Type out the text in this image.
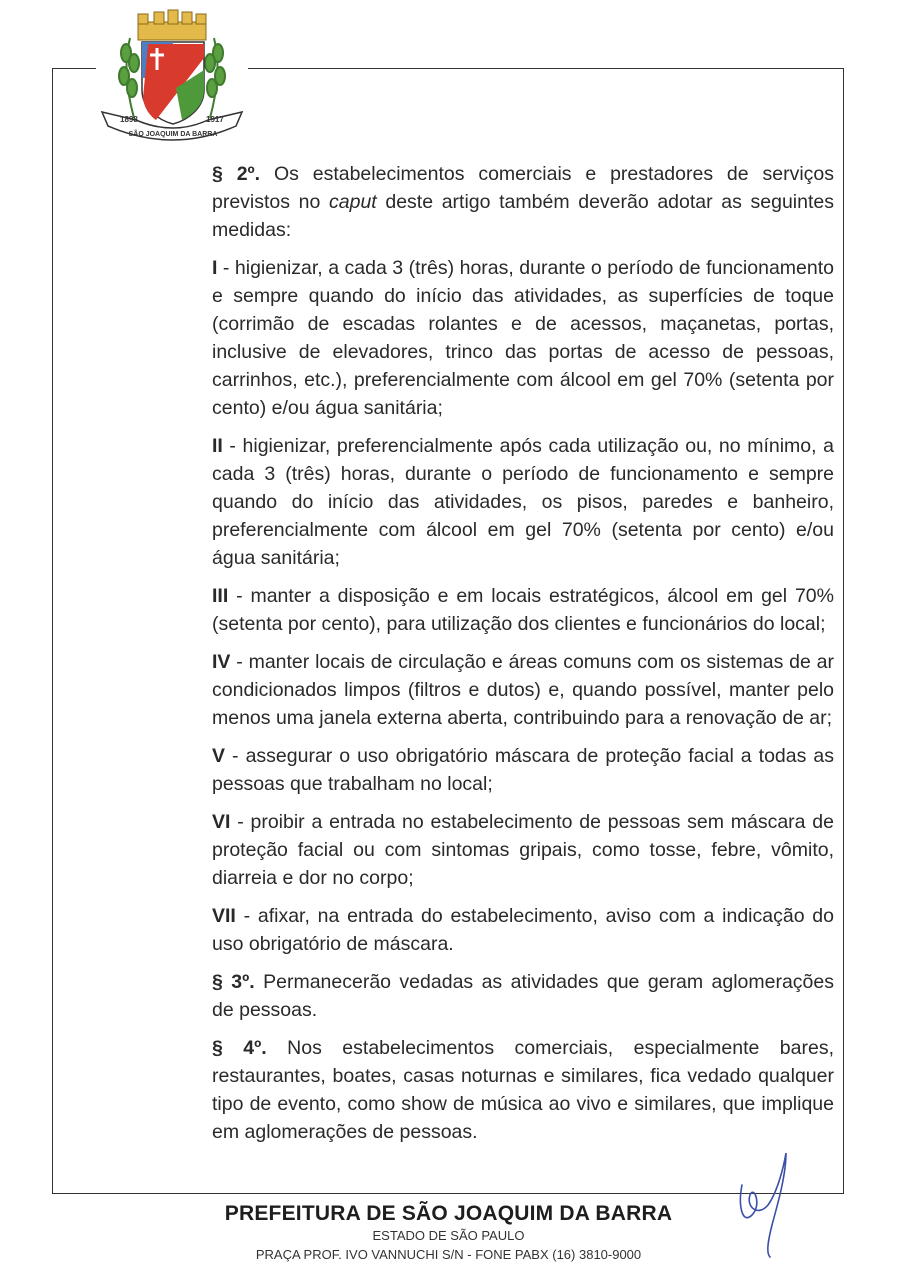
1898	1917
SÃO JOAQUIM DA BARRA

§ 2º. Os estabelecimentos comerciais e prestadores de serviços previstos no caput deste artigo também deverão adotar as seguintes medidas:

I - higienizar, a cada 3 (três) horas, durante o período de funcionamento e sempre quando do início das atividades, as superfícies de toque (corrimão de escadas rolantes e de acessos, maçanetas, portas, inclusive de elevadores, trinco das portas de acesso de pessoas, carrinhos, etc.), preferencialmente com álcool em gel 70% (setenta por cento) e/ou água sanitária;

II - higienizar, preferencialmente após cada utilização ou, no mínimo, a cada 3 (três) horas, durante o período de funcionamento e sempre quando do início das atividades, os pisos, paredes e banheiro, preferencialmente com álcool em gel 70% (setenta por cento) e/ou água sanitária;

III - manter a disposição e em locais estratégicos, álcool em gel 70% (setenta por cento), para utilização dos clientes e funcionários do local;

IV - manter locais de circulação e áreas comuns com os sistemas de ar condicionados limpos (filtros e dutos) e, quando possível, manter pelo menos uma janela externa aberta, contribuindo para a renovação de ar;

V - assegurar o uso obrigatório máscara de proteção facial a todas as pessoas que trabalham no local;

VI - proibir a entrada no estabelecimento de pessoas sem máscara de proteção facial ou com sintomas gripais, como tosse, febre, vômito, diarreia e dor no corpo;

VII - afixar, na entrada do estabelecimento, aviso com a indicação do uso obrigatório de máscara.

§ 3º. Permanecerão vedadas as atividades que geram aglomerações de pessoas.

§ 4º. Nos estabelecimentos comerciais, especialmente bares, restaurantes, boates, casas noturnas e similares, fica vedado qualquer tipo de evento, como show de música ao vivo e similares, que implique em aglomerações de pessoas.

PREFEITURA DE SÃO JOAQUIM DA BARRA
ESTADO DE SÃO PAULO
PRAÇA PROF. IVO VANNUCHI S/N - FONE PABX (16) 3810-9000
